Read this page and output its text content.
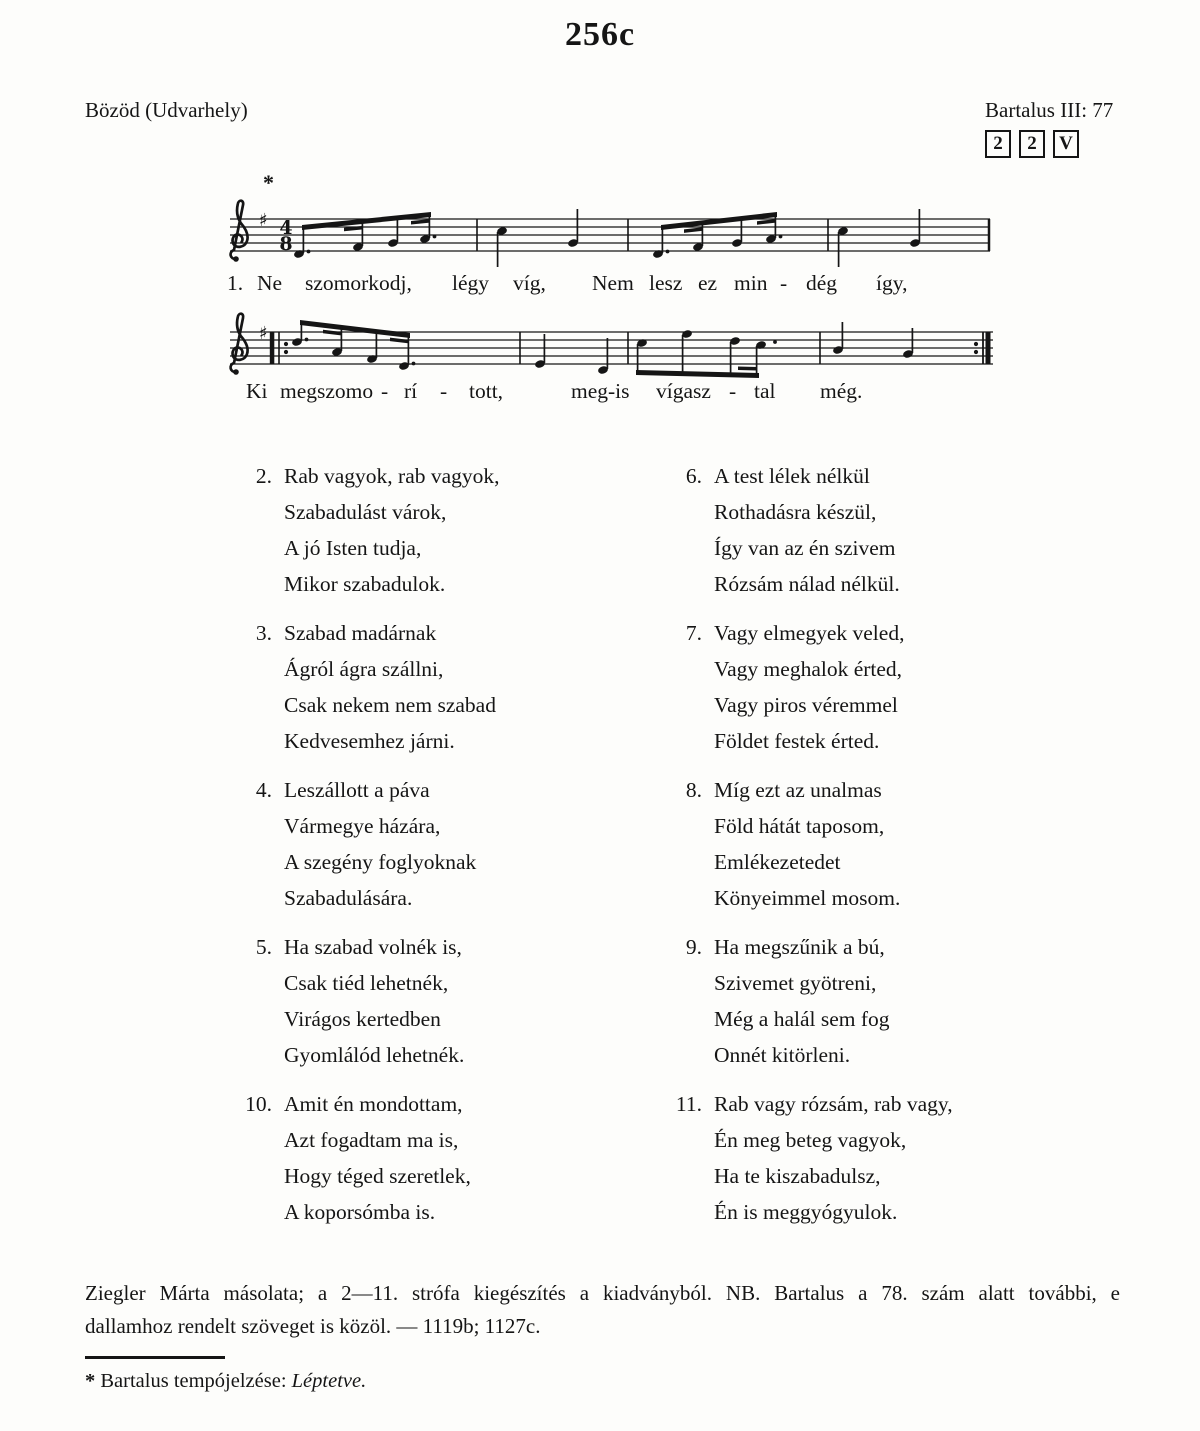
256c
Bözöd (Udvarhely)	Bartalus III: 77
2	2	V
*
♯ 4
8
♯
1. Ne szomorkodj, légy víg, Nem lesz ez min - dég így,
Ki megszomo - rí - tott,	meg-is vígasz - tal még.
2. Rab vagyok, rab vagyok,
Szabadulást várok,
A jó Isten tudja,
Mikor szabadulok.
3. Szabad madárnak
Ágról ágra szállni,
Csak nekem nem szabad
Kedvesemhez járni.
4. Leszállott a páva
Vármegye házára,
A szegény foglyoknak
Szabadulására.
5. Ha szabad volnék is,
Csak tiéd lehetnék,
Virágos kertedben
Gyomlálód lehetnék.
10. Amit én mondottam,
Azt fogadtam ma is,
Hogy téged szeretlek,
A koporsómba is.
6. A test lélek nélkül
Rothadásra készül,
Így van az én szivem
Rózsám nálad nélkül.
7. Vagy elmegyek veled,
Vagy meghalok érted,
Vagy piros véremmel
Földet festek érted.
8. Míg ezt az unalmas
Föld hátát taposom,
Emlékezetedet
Könyeimmel mosom.
9. Ha megszűnik a bú,
Szivemet gyötreni,
Még a halál sem fog
Onnét kitörleni.
11. Rab vagy rózsám, rab vagy,
Én meg beteg vagyok,
Ha te kiszabadulsz,
Én is meggyógyulok.
Ziegler Márta másolata; a 2—11. strófa kiegészítés a kiadványból. NB. Bartalus a 78. szám alatt további, e
dallamhoz rendelt szöveget is közöl. — 1119b; 1127c.
* Bartalus tempójelzése: Léptetve.
